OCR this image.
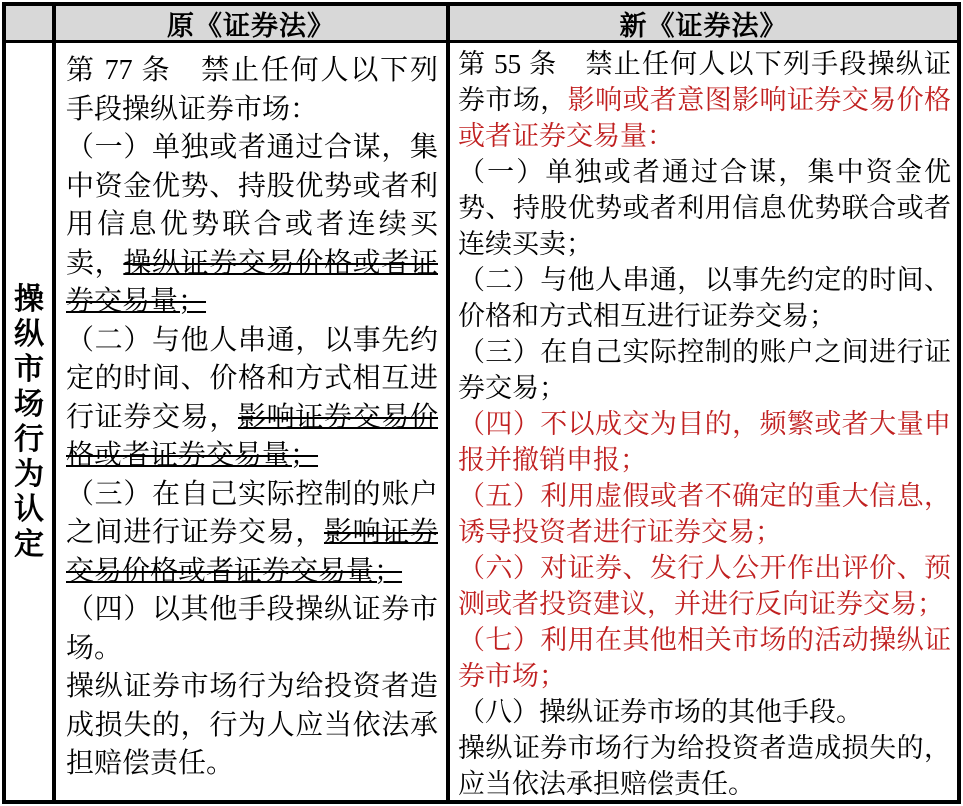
原《证券法》	新《证券法》
操纵市场行为认定

第 77 条　禁止任何人以下列手段操纵证券市场：

（一）单独或者通过合谋，集中资金优势、持股优势或者利用信息优势联合或者连续买卖，操纵证券交易价格或者证券交易量；

（二）与他人串通，以事先约定的时间、价格和方式相互进行证券交易，影响证券交易价格或者证券交易量；

（三）在自己实际控制的账户之间进行证券交易，影响证券交易价格或者证券交易量；

（四）以其他手段操纵证券市场。

操纵证券市场行为给投资者造成损失的，行为人应当依法承担赔偿责任。

第 55 条　禁止任何人以下列手段操纵证券市场，影响或者意图影响证券交易价格或者证券交易量：

（一）单独或者通过合谋，集中资金优势、持股优势或者利用信息优势联合或者连续买卖；

（二）与他人串通，以事先约定的时间、价格和方式相互进行证券交易；

（三）在自己实际控制的账户之间进行证券交易；

（四）不以成交为目的，频繁或者大量申报并撤销申报；

（五）利用虚假或者不确定的重大信息，诱导投资者进行证券交易；

（六）对证券、发行人公开作出评价、预测或者投资建议，并进行反向证券交易；

（七）利用在其他相关市场的活动操纵证券市场；

（八）操纵证券市场的其他手段。

操纵证券市场行为给投资者造成损失的，应当依法承担赔偿责任。
